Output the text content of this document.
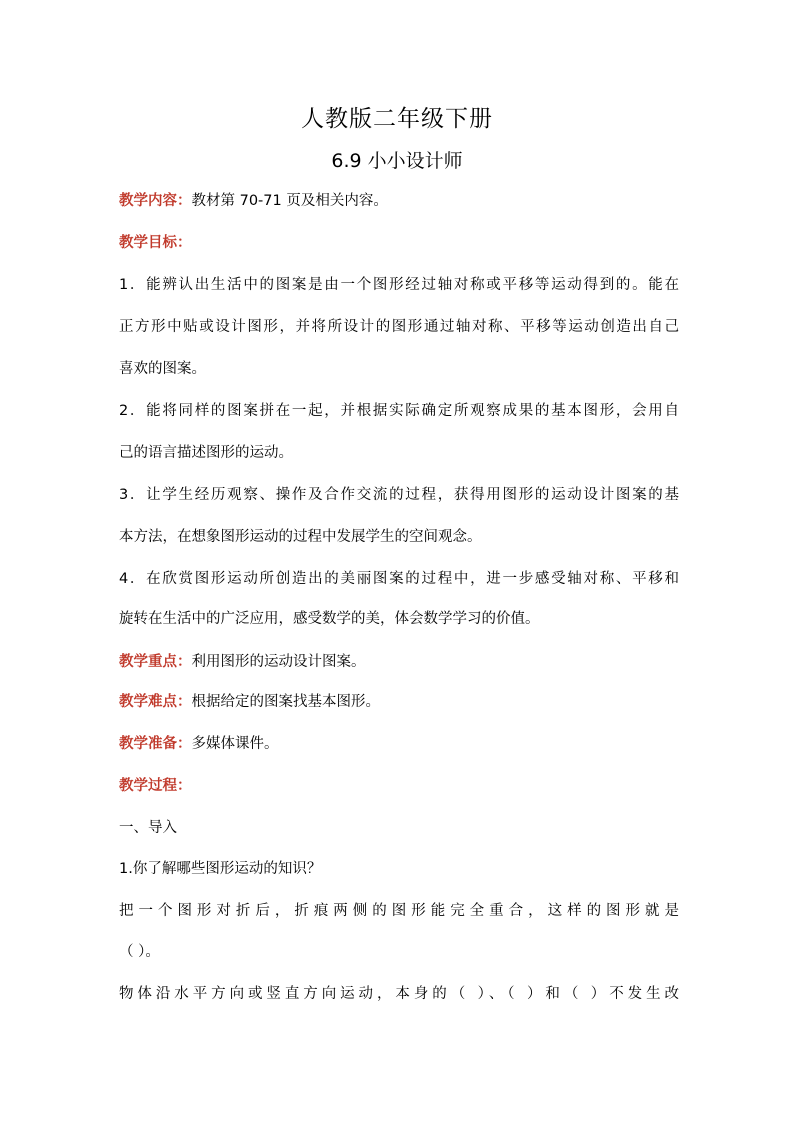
人教版二年级下册
6.9 小小设计师
教学内容：教材第 70-71 页及相关内容。
教学目标：
1．能辨认出生活中的图案是由一个图形经过轴对称或平移等运动得到的。能在
正方形中贴或设计图形，并将所设计的图形通过轴对称、平移等运动创造出自己
喜欢的图案。
2．能将同样的图案拼在一起，并根据实际确定所观察成果的基本图形，会用自
己的语言描述图形的运动。
3．让学生经历观察、操作及合作交流的过程，获得用图形的运动设计图案的基
本方法，在想象图形运动的过程中发展学生的空间观念。
4．在欣赏图形运动所创造出的美丽图案的过程中，进一步感受轴对称、平移和
旋转在生活中的广泛应用，感受数学的美，体会数学学习的价值。
教学重点：利用图形的运动设计图案。
教学难点：根据给定的图案找基本图形。
教学准备：多媒体课件。
教学过程：
一、导入
1.你了解哪些图形运动的知识？
把一个图形对折后，折痕两侧的图形能完全重合，这样的图形就是
（ ）。
物体沿水平方向或竖直方向运动，本身的（ ）、（ ）和（ ）不发生改
